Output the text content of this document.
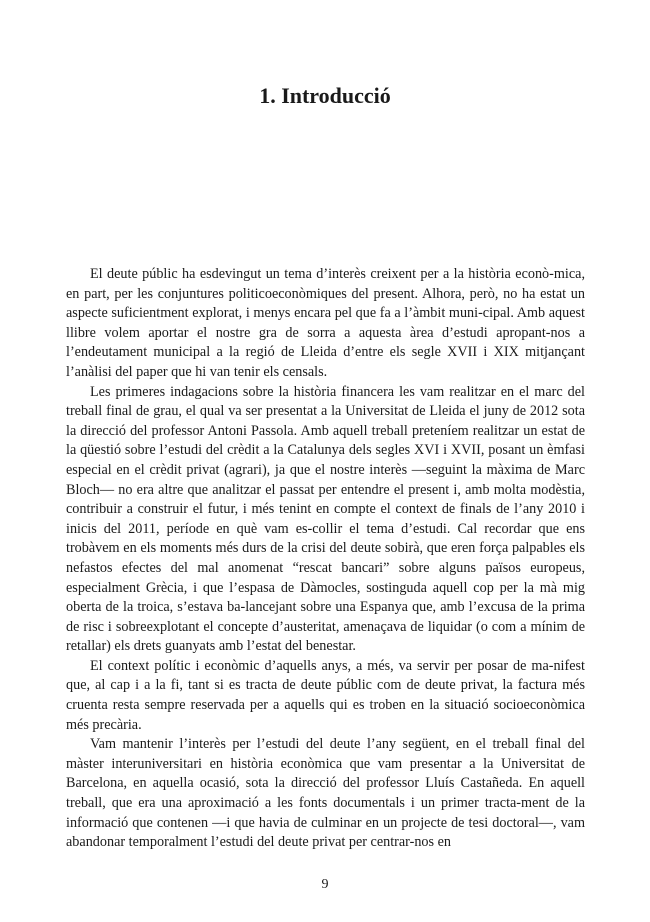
1. Introducció

El deute públic ha esdevingut un tema d’interès creixent per a la història econò-mica, en part, per les conjuntures politicoeconòmiques del present. Alhora, però, no ha estat un aspecte suficientment explorat, i menys encara pel que fa a l’àmbit muni-cipal. Amb aquest llibre volem aportar el nostre gra de sorra a aquesta àrea d’estudi apropant-nos a l’endeutament municipal a la regió de Lleida d’entre els segle XVII i XIX mitjançant l’anàlisi del paper que hi van tenir els censals.

Les primeres indagacions sobre la història financera les vam realitzar en el marc del treball final de grau, el qual va ser presentat a la Universitat de Lleida el juny de 2012 sota la direcció del professor Antoni Passola. Amb aquell treball preteníem realitzar un estat de la qüestió sobre l’estudi del crèdit a la Catalunya dels segles XVI i XVII, posant un èmfasi especial en el crèdit privat (agrari), ja que el nostre interès —seguint la màxima de Marc Bloch— no era altre que analitzar el passat per entendre el present i, amb molta modèstia, contribuir a construir el futur, i més tenint en compte el context de finals de l’any 2010 i inicis del 2011, període en què vam es-collir el tema d’estudi. Cal recordar que ens trobàvem en els moments més durs de la crisi del deute sobirà, que eren força palpables els nefastos efectes del mal anomenat “rescat bancari” sobre alguns països europeus, especialment Grècia, i que l’espasa de Dàmocles, sostinguda aquell cop per la mà mig oberta de la troica, s’estava ba-lancejant sobre una Espanya que, amb l’excusa de la prima de risc i sobreexplotant el concepte d’austeritat, amenaçava de liquidar (o com a mínim de retallar) els drets guanyats amb l’estat del benestar.

El context polític i econòmic d’aquells anys, a més, va servir per posar de ma-nifest que, al cap i a la fi, tant si es tracta de deute públic com de deute privat, la factura més cruenta resta sempre reservada per a aquells qui es troben en la situació socioeconòmica més precària.

Vam mantenir l’interès per l’estudi del deute l’any següent, en el treball final del màster interuniversitari en història econòmica que vam presentar a la Universitat de Barcelona, en aquella ocasió, sota la direcció del professor Lluís Castañeda. En aquell treball, que era una aproximació a les fonts documentals i un primer tracta-ment de la informació que contenen —i que havia de culminar en un projecte de tesi doctoral—, vam abandonar temporalment l’estudi del deute privat per centrar-nos en

9
